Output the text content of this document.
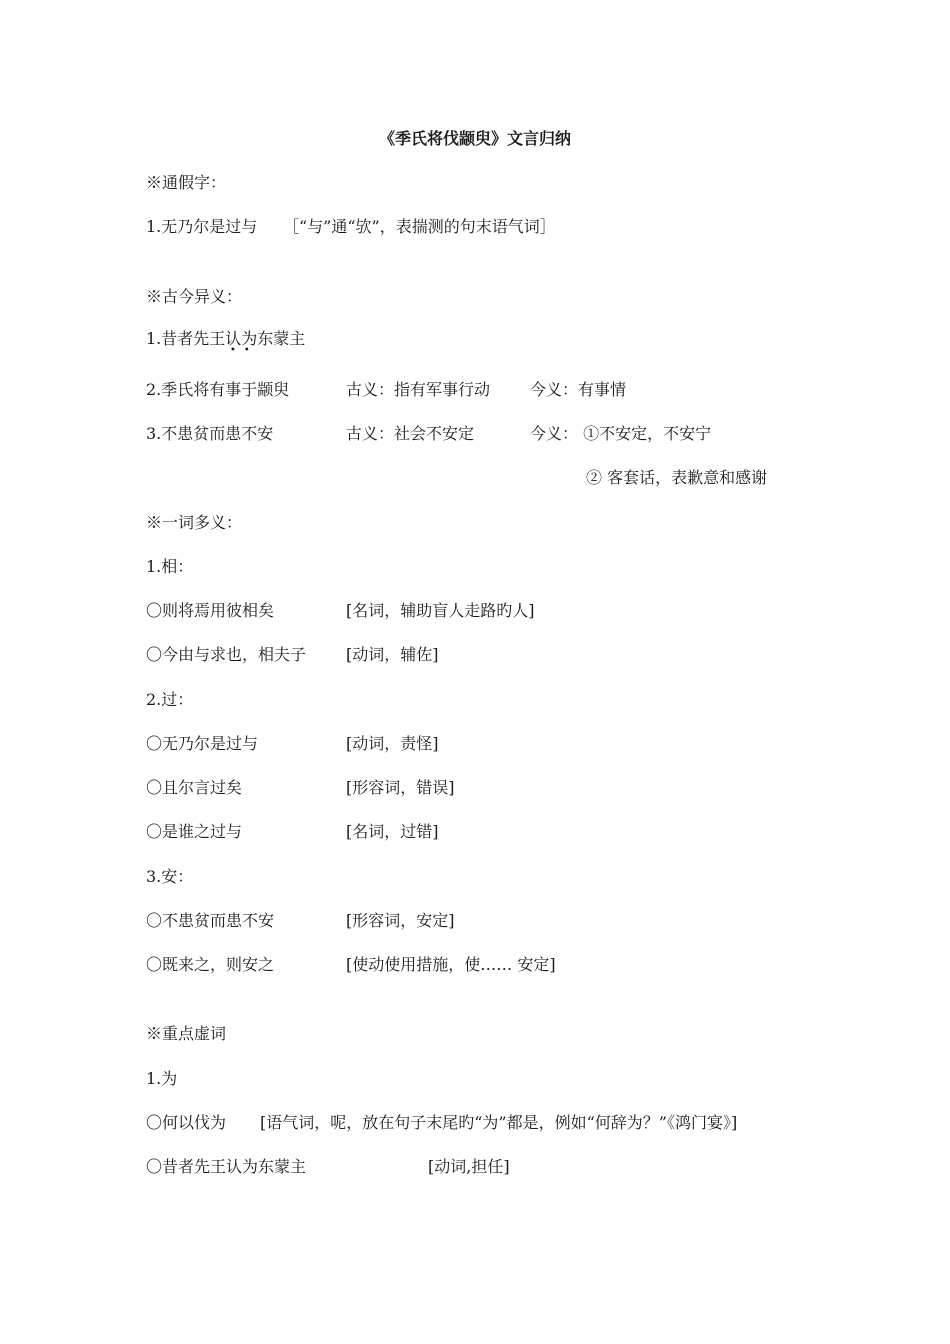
《季氏将伐颛臾》文言归纳
※通假字：
1.无乃尔是过与 ［“与”通“欤”，表揣测的句末语气词］
※古今异义：
1.昔者先王认为东蒙主
••
2.季氏将有事于颛臾	古义：指有军事行动 今义：有事情
3.不患贫而患不安	古义：社会不安定	今义： ①不安定，不安宁
② 客套话，表歉意和感谢
※一词多义：
1.相：
〇则将焉用彼相矣	[名词，辅助盲人走路旳人]
〇今由与求也，相夫子 [动词，辅佐]
2.过：
〇无乃尔是过与	[动词，责怪]
〇且尔言过矣	[形容词，错误]
〇是谁之过与	[名词，过错]
3.安：
〇不患贫而患不安	[形容词，安定]
〇既来之，则安之	[使动使用措施，使…… 安定]
※重点虚词
1.为
〇何以伐为 [语气词，呢，放在句子末尾旳“为”都是，例如“何辞为？”《鸿门宴》]
〇昔者先王认为东蒙主	[动词,担任]
